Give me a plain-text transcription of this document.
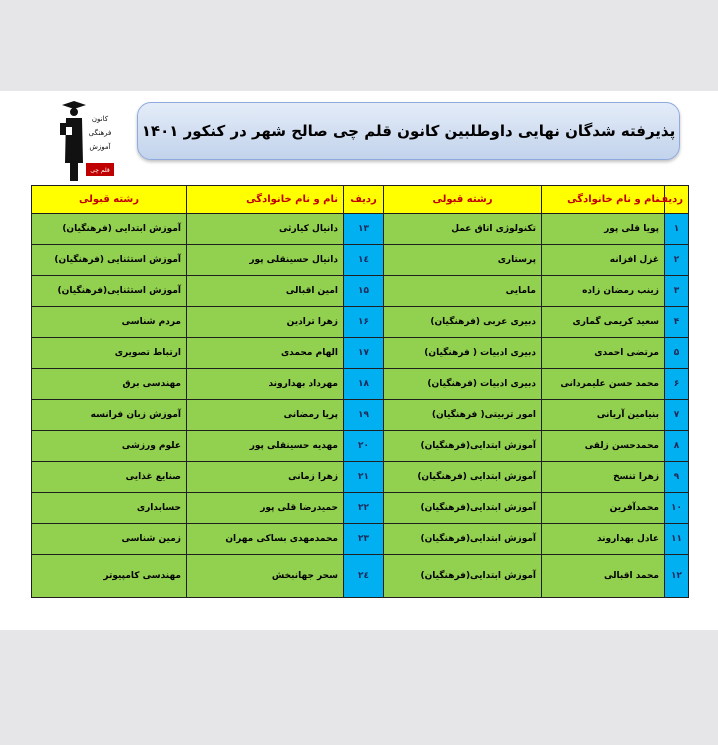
کانون
فرهنگی
آموزش
قلم چی
پذیرفته شدگان نهایی داوطلبین کانون قلم چی صالح شهر در کنکور ۱۴۰۱
ردیف	نام و نام خانوادگی	رشته قبولی	ردیف	نام و نام خانوادگی	رشته قبولی
۱	پویا قلی پور	تکنولوژی اتاق عمل	۱۳	دانیال کیارثی	آموزش ابتدایی (فرهنگیان)
۲	غزل افزانه	پرستاری	۱٤	دانیال حسینقلی پور	آموزش استثنایی (فرهنگیان)
۳	زینب رمضان زاده	مامایی	۱۵	امین اقبالی	آموزش استثنایی(فرهنگیان)
۴	سعید کریمی گماری	دبیری عربی (فرهنگیان)	۱۶	زهرا ترادین	مردم شناسی
۵	مرتضی احمدی	دبیری ادبیات ( فرهنگیان)	۱۷	الهام محمدی	ارتباط تصویری
۶	محمد حسن علیمردانی	دبیری ادبیات (فرهنگیان)	۱۸	مهرداد بهداروند	مهندسی برق
۷	بنیامین آریانی	امور تربیتی( فرهنگیان)	۱۹	پریا رمضانی	آموزش زبان فرانسه
۸	محمدحسن زلقی	آموزش ابتدایی(فرهنگیان)	۲۰	مهدیه حسینقلی پور	علوم ورزشی
۹	زهرا تنسخ	آموزش ابتدایی (فرهنگیان)	۲۱	زهرا زمانی	صنایع غذایی
۱۰	محمدآفرین	آموزش ابتدایی(فرهنگیان)	۲۲	حمیدرضا قلی پور	حسابداری
۱۱	عادل بهداروند	آموزش ابتدایی(فرهنگیان)	۲۳	محمدمهدی بساکی مهران	زمین شناسی
۱۲	محمد اقبالی	آموزش ابتدایی(فرهنگیان)	۲٤	سحر جهانبخش	مهندسی کامپیوتر
